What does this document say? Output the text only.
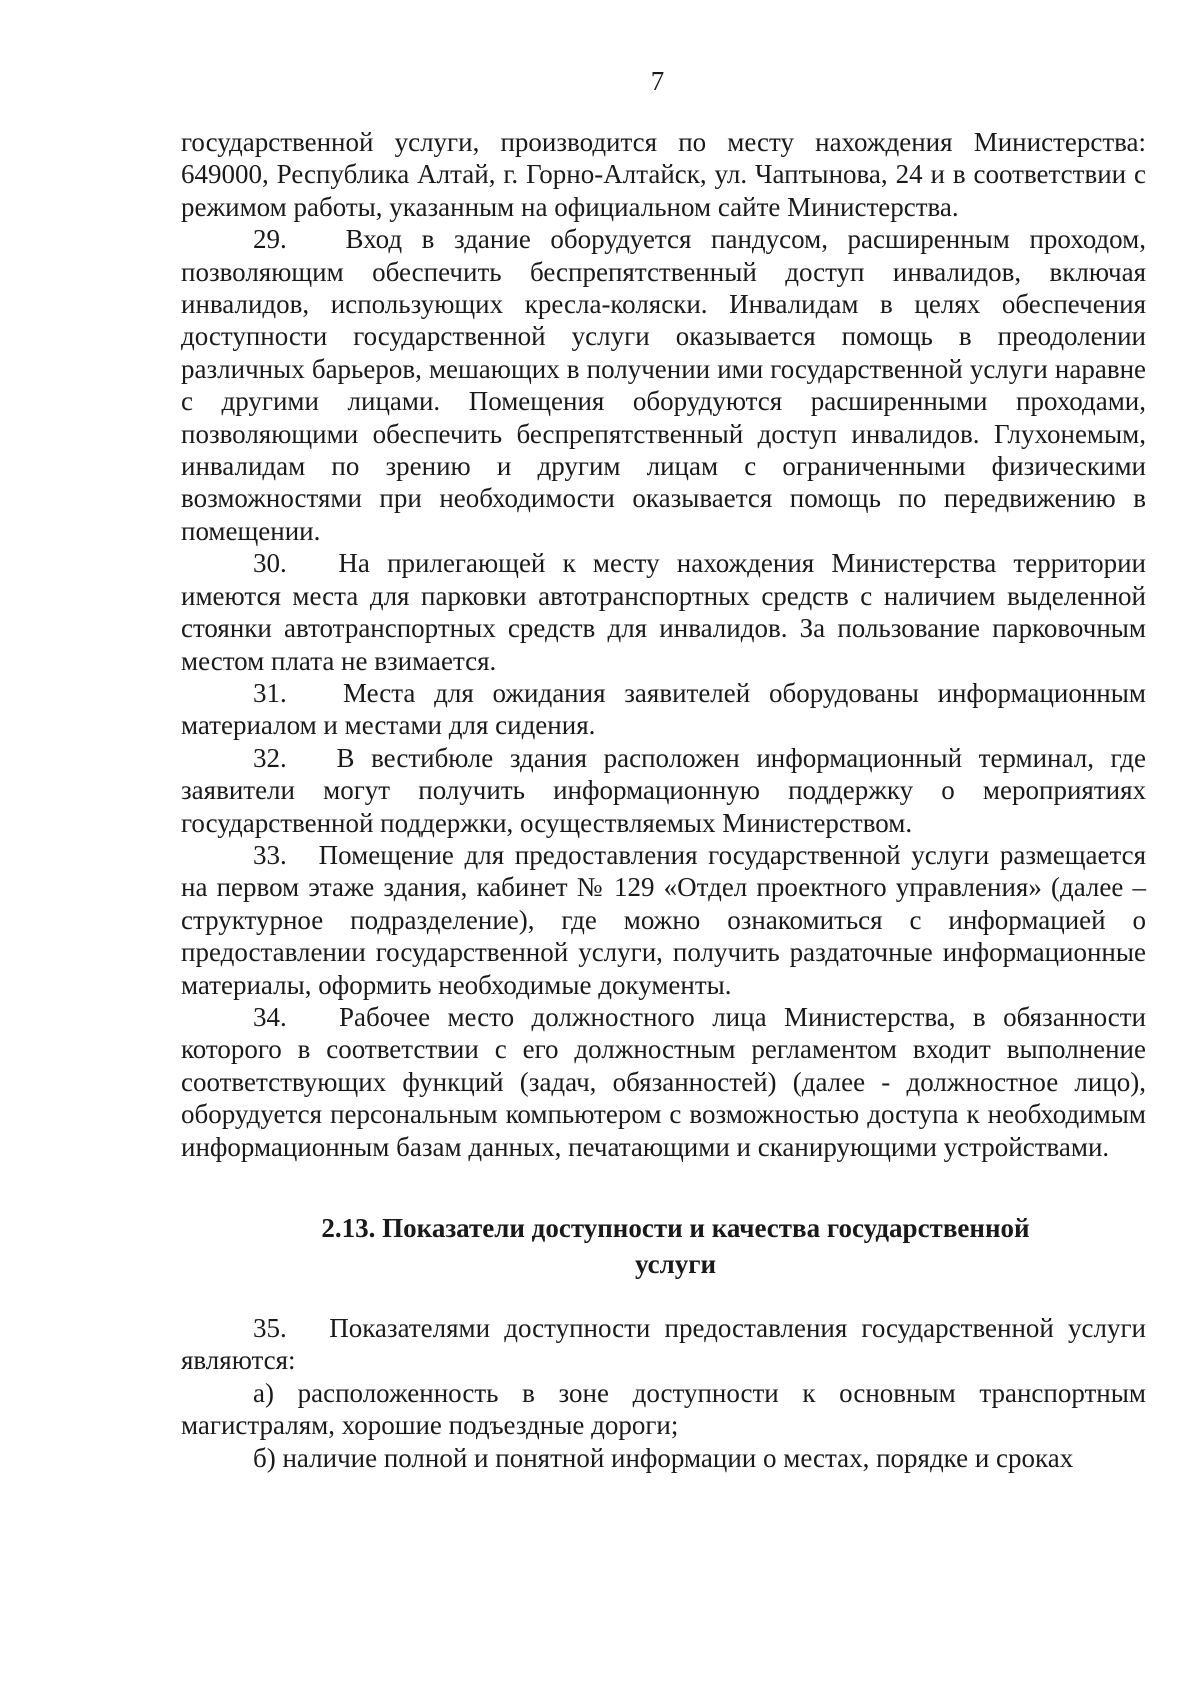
7

государственной услуги, производится по месту нахождения Министерства: 649000, Республика Алтай, г. Горно-Алтайск, ул. Чаптынова, 24 и в соответствии с режимом работы, указанным на официальном сайте Министерства.

29.   Вход в здание оборудуется пандусом, расширенным проходом, позволяющим обеспечить беспрепятственный доступ инвалидов, включая инвалидов, использующих кресла-коляски. Инвалидам в целях обеспечения доступности государственной услуги оказывается помощь в преодолении различных барьеров, мешающих в получении ими государственной услуги наравне с другими лицами. Помещения оборудуются расширенными проходами, позволяющими обеспечить беспрепятственный доступ инвалидов. Глухонемым, инвалидам по зрению и другим лицам с ограниченными физическими возможностями при необходимости оказывается помощь по передвижению в помещении.

30.   На прилегающей к месту нахождения Министерства территории имеются места для парковки автотранспортных средств с наличием выделенной стоянки автотранспортных средств для инвалидов. За пользование парковочным местом плата не взимается.

31.   Места для ожидания заявителей оборудованы информационным материалом и местами для сидения.

32.   В вестибюле здания расположен информационный терминал, где заявители могут получить информационную поддержку о мероприятиях государственной поддержки, осуществляемых Министерством.

33.   Помещение для предоставления государственной услуги размещается на первом этаже здания, кабинет № 129 «Отдел проектного управления» (далее – структурное подразделение), где можно ознакомиться с информацией о предоставлении государственной услуги, получить раздаточные информационные материалы, оформить необходимые документы.

34.   Рабочее место должностного лица Министерства, в обязанности которого в соответствии с его должностным регламентом входит выполнение соответствующих функций (задач, обязанностей) (далее - должностное лицо), оборудуется персональным компьютером с возможностью доступа к необходимым информационным базам данных, печатающими и сканирующими устройствами.

2.13. Показатели доступности и качества государственной
услуги

35.   Показателями доступности предоставления государственной услуги являются:

а) расположенность в зоне доступности к основным транспортным магистралям, хорошие подъездные дороги;

б) наличие полной и понятной информации о местах, порядке и сроках
